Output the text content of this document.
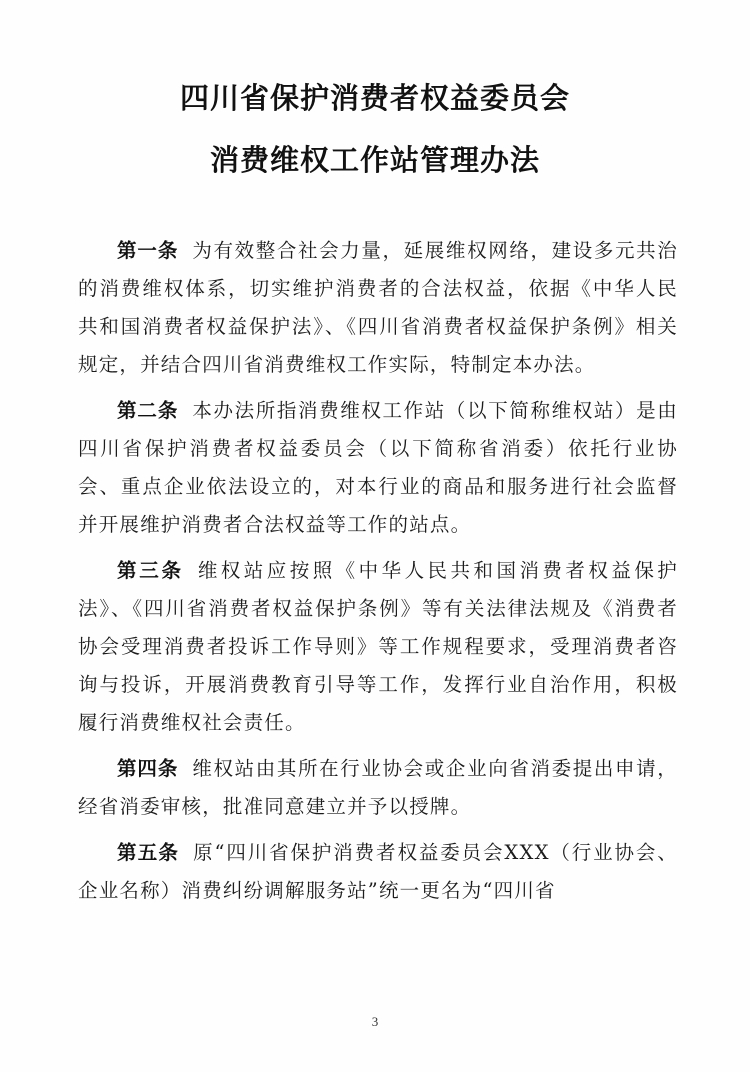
四川省保护消费者权益委员会
消费维权工作站管理办法

第一条 为有效整合社会力量，延展维权网络，建设多元共治的消费维权体系，切实维护消费者的合法权益，依据《中华人民共和国消费者权益保护法》、《四川省消费者权益保护条例》相关规定，并结合四川省消费维权工作实际，特制定本办法。

第二条 本办法所指消费维权工作站（以下简称维权站）是由四川省保护消费者权益委员会（以下简称省消委）依托行业协会、重点企业依法设立的，对本行业的商品和服务进行社会监督并开展维护消费者合法权益等工作的站点。

第三条 维权站应按照《中华人民共和国消费者权益保护法》、《四川省消费者权益保护条例》等有关法律法规及《消费者协会受理消费者投诉工作导则》等工作规程要求，受理消费者咨询与投诉，开展消费教育引导等工作，发挥行业自治作用，积极履行消费维权社会责任。

第四条 维权站由其所在行业协会或企业向省消委提出申请，经省消委审核，批准同意建立并予以授牌。

第五条 原“四川省保护消费者权益委员会XXX（行业协会、企业名称）消费纠纷调解服务站”统一更名为“四川省

3
